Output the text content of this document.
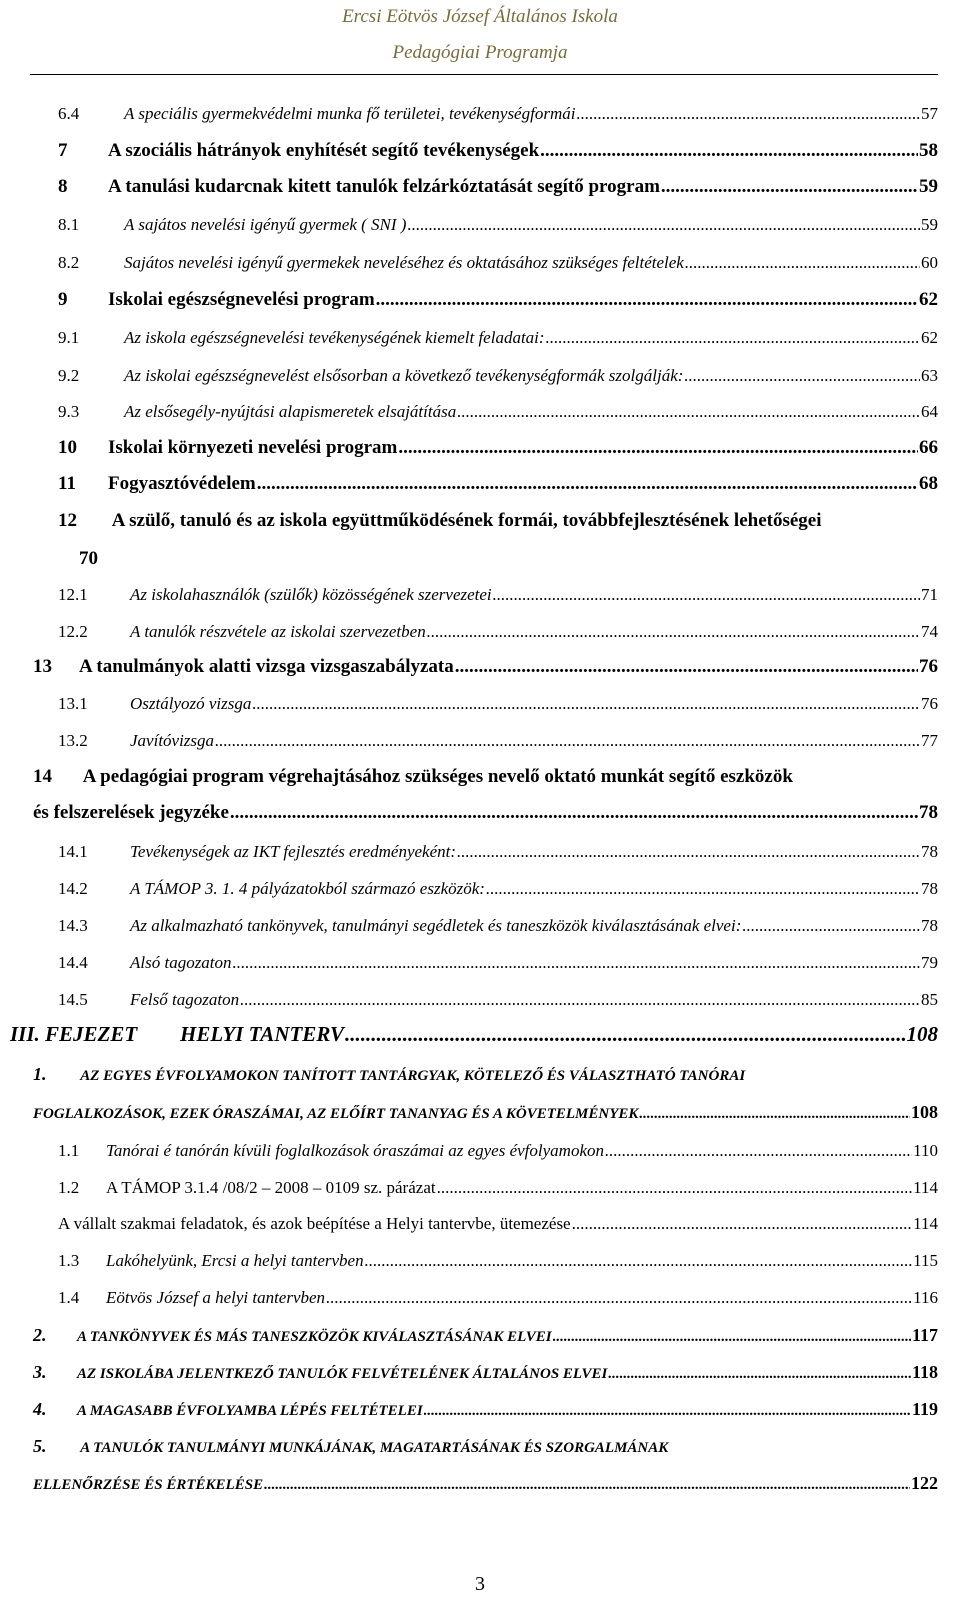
Ercsi Eötvös József Általános Iskola
Pedagógiai Programja
6.4	A speciális gyermekvédelmi munka fő területei, tevékenységformái .....	57
7	A szociális hátrányok enyhítését segítő tevékenységek .....	58
8	A tanulási kudarcnak kitett tanulók felzárkóztatását segítő program .....	59
8.1	A sajátos nevelési igényű gyermek ( SNI ) .....	59
8.2	Sajátos nevelési igényű gyermekek neveléséhez és oktatásához szükséges feltételek .....	60
9	Iskolai egészségnevelési program .....	62
9.1	Az iskola egészségnevelési tevékenységének kiemelt feladatai: .....	62
9.2	Az iskolai egészségnevelést elsősorban a következő tevékenységformák szolgálják: .....	63
9.3	Az elsősegély-nyújtási alapismeretek elsajátítása .....	64
10	Iskolai környezeti nevelési program .....	66
11	Fogyasztóvédelem .....	68
12 A szülő, tanuló és az iskola együttműködésének formái, továbbfejlesztésének lehetőségei
70
12.1	Az iskolahasználók (szülők) közösségének szervezetei .....	71
12.2	A tanulók részvétele az iskolai szervezetben .....	74
13	A tanulmányok alatti vizsga vizsgaszabályzata .....	76
13.1	Osztályozó vizsga .....	76
13.2	Javítóvizsga .....	77
14 A pedagógiai program végrehajtásához szükséges nevelő oktató munkát segítő eszközök
és felszerelések jegyzéke .....	78
14.1	Tevékenységek az IKT fejlesztés eredményeként: .....	78
14.2	A TÁMOP 3. 1. 4 pályázatokból származó eszközök: .....	78
14.3	Az alkalmazható tankönyvek, tanulmányi segédletek és taneszközök kiválasztásának elvei: .....	78
14.4	Alsó tagozaton .....	79
14.5	Felső tagozaton .....	85
III. FEJEZET	HELYI TANTERV .....	108
1. AZ EGYES ÉVFOLYAMOKON TANÍTOTT TANTÁRGYAK, KÖTELEZŐ ÉS VÁLASZTHATÓ TANÓRAI
FOGLALKOZÁSOK, EZEK ÓRASZÁMAI, AZ ELŐÍRT TANANYAG ÉS A KÖVETELMÉNYEK .....	108
1.1	Tanórai é tanórán kívüli foglalkozások óraszámai az egyes évfolyamokon .....	110
1.2	A TÁMOP 3.1.4 /08/2 – 2008 – 0109 sz. párázat .....	114
A vállalt szakmai feladatok, és azok beépítése a Helyi tantervbe, ütemezése .....	114
1.3	Lakóhelyünk, Ercsi a helyi tantervben .....	115
1.4	Eötvös József a helyi tantervben .....	116
2.	A TANKÖNYVEK ÉS MÁS TANESZKÖZÖK KIVÁLASZTÁSÁNAK ELVEI .....	117
3.	AZ ISKOLÁBA JELENTKEZŐ TANULÓK FELVÉTELÉNEK ÁLTALÁNOS ELVEI .....	118
4.	A MAGASABB ÉVFOLYAMBA LÉPÉS FELTÉTELEI .....	119
5. A TANULÓK TANULMÁNYI MUNKÁJÁNAK, MAGATARTÁSÁNAK ÉS SZORGALMÁNAK
ELLENŐRZÉSE ÉS ÉRTÉKELÉSE .....	122
3
